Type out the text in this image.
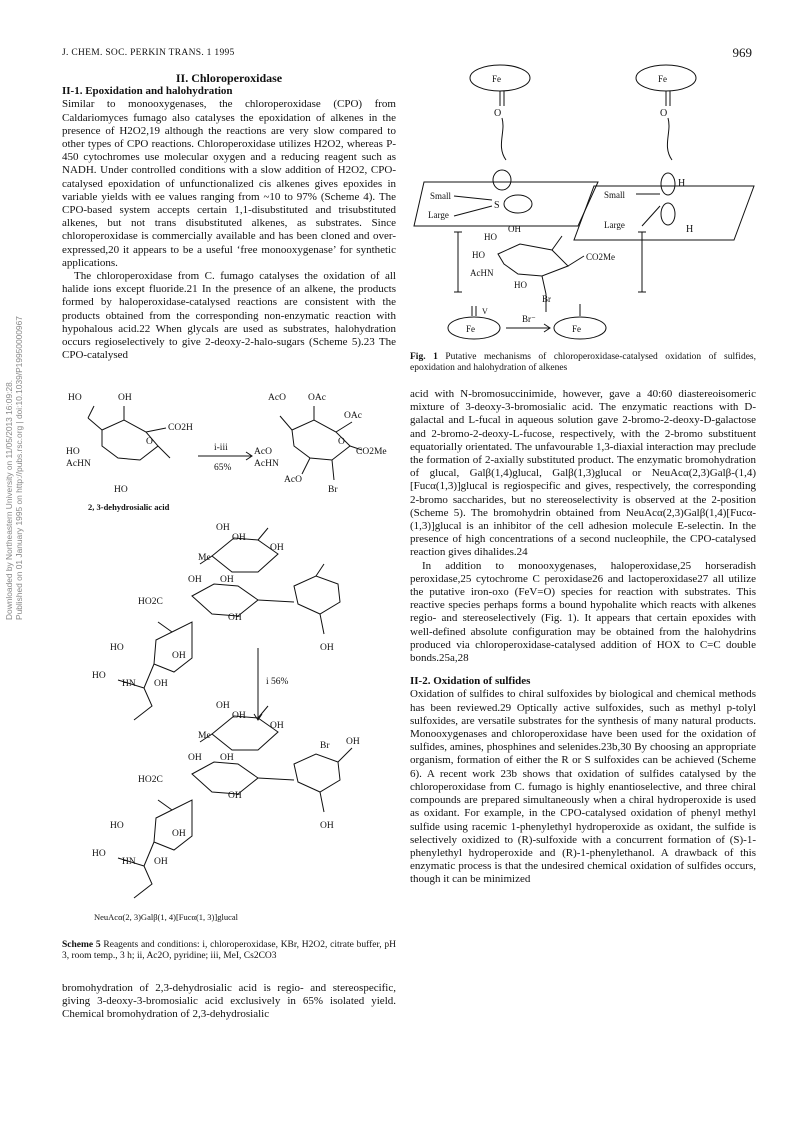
J. CHEM. SOC. PERKIN TRANS. 1 1995	969
Downloaded by Northeastern University on 11/05/2013 16:09:28. Published on 01 January 1995 on http://pubs.rsc.org | doi:10.1039/P19950000967

II. Chloroperoxidase

II-1. Epoxidation and halohydration

Similar to monooxygenases, the chloroperoxidase (CPO) from Caldariomyces fumago also catalyses the epoxidation of alkenes in the presence of H2O2,19 although the reactions are very slow compared to other types of CPO reactions. Chloroperoxidase utilizes H2O2, whereas P-450 cytochromes use molecular oxygen and a reducing reagent such as NADH. Under controlled conditions with a slow addition of H2O2, CPO-catalysed epoxidation of unfunctionalized cis alkenes gives epoxides in variable yields with ee values ranging from ~10 to 97% (Scheme 4). The CPO-based system accepts certain 1,1-disubstituted and trisubstituted alkenes, but not trans disubstituted alkenes, as substrates. Since chloroperoxidase is commercially available and has been cloned and over-expressed,20 it appears to be a useful ‘free monooxygenase’ for synthetic applications.

The chloroperoxidase from C. fumago catalyses the oxidation of all halide ions except fluoride.21 In the presence of an alkene, the products formed by haloperoxidase-catalysed reactions are consistent with the products obtained from the corresponding non-enzymatic reaction with hypohalous acid.22 When glycals are used as substrates, halohydration occurs regioselectively to give 2-deoxy-2-halo-sugars (Scheme 5).23 The CPO-catalysed

HO	OH
CO2H
HO
AcHN
HO
O
i-iii
65%
AcO OAc
OAc
CO2Me
AcO
AcHN
AcO
Br
O
2, 3-dehydrosialic acid
OH
OH
OH
Me
OH OH
HO2C
OH
OH
HO
OH
HO
HN OH	i 56%
OH
OH
OH
Me
OH OH
Br OH
HO2C
OH
OH
HO
OH
HO
HN OH
NeuAcα(2, 3)Galβ(1, 4)[Fucα(1, 3)]glucal
Scheme 5 Reagents and conditions: i, chloroperoxidase, KBr, H2O2, citrate buffer, pH 3, room temp., 3 h; ii, Ac2O, pyridine; iii, MeI, Cs2CO3

bromohydration of 2,3-dehydrosialic acid is regio- and stereospecific, giving 3-deoxy-3-bromosialic acid exclusively in 65% isolated yield. Chemical bromohydration of 2,3-dehydrosialic

Fe	Fe
O	O
Small
Large
S
Small
Large
H
H
HO
OH
HO
AcHN
HO
CO2Me
Br
Fe
V
Fe
Br⁻
Fig. 1 Putative mechanisms of chloroperoxidase-catalysed oxidation of sulfides, epoxidation and halohydration of alkenes

acid with N-bromosuccinimide, however, gave a 40:60 diastereoisomeric mixture of 3-deoxy-3-bromosialic acid. The enzymatic reactions with D-galactal and L-fucal in aqueous solution gave 2-bromo-2-deoxy-D-galactose and 2-bromo-2-deoxy-L-fucose, respectively, with the 2-bromo substituent equatorially orientated. The unfavourable 1,3-diaxial interaction may preclude the formation of 2-axially substituted product. The enzymatic bromohydration of glucal, Galβ(1,4)glucal, Galβ(1,3)glucal or NeuAcα(2,3)Galβ-(1,4)[Fucα(1,3)]glucal is regiospecific and gives, respectively, the corresponding 2-bromo saccharides, but no stereoselectivity is observed at the 2-position (Scheme 5). The bromohydrin obtained from NeuAcα(2,3)Galβ(1,4)[Fucα-(1,3)]glucal is an inhibitor of the cell adhesion molecule E-selectin. In the presence of high concentrations of a second nucleophile, the CPO-catalysed reaction gives dihalides.24

In addition to monooxygenases, haloperoxidase,25 horseradish peroxidase,25 cytochrome C peroxidase26 and lactoperoxidase27 all utilize the putative iron-oxo (FeV=O) species for reaction with substrates. This reactive species perhaps forms a bound hypohalite which reacts with alkenes regio- and stereoselectively (Fig. 1). It appears that certain epoxides with well-defined absolute configuration may be obtained from the halohydrins produced via chloroperoxidase-catalysed addition of HOX to C=C double bonds.25a,28

II-2. Oxidation of sulfides

Oxidation of sulfides to chiral sulfoxides by biological and chemical methods has been reviewed.29 Optically active sulfoxides, such as methyl p-tolyl sulfoxides, are versatile substrates for the synthesis of many natural products. Monooxygenases and chloroperoxidase have been used for the oxidation of sulfides, amines, phosphines and selenides.23b,30 By choosing an appropriate organism, formation of either the R or S sulfoxides can be achieved (Scheme 6). A recent work 23b shows that oxidation of sulfides catalysed by the chloroperoxidase from C. fumago is highly enantioselective, and three chiral compounds are prepared simultaneously when a chiral hydroperoxide is used as oxidant. For example, in the CPO-catalysed oxidation of phenyl methyl sulfide using racemic 1-phenylethyl hydroperoxide as oxidant, the sulfide is selectively oxidized to (R)-sulfoxide with a concurrent formation of (S)-1-phenylethyl hydroperoxide and (R)-1-phenylethanol. A drawback of this enzymatic process is that the undesired chemical oxidation of sulfides occurs, though it can be minimized
